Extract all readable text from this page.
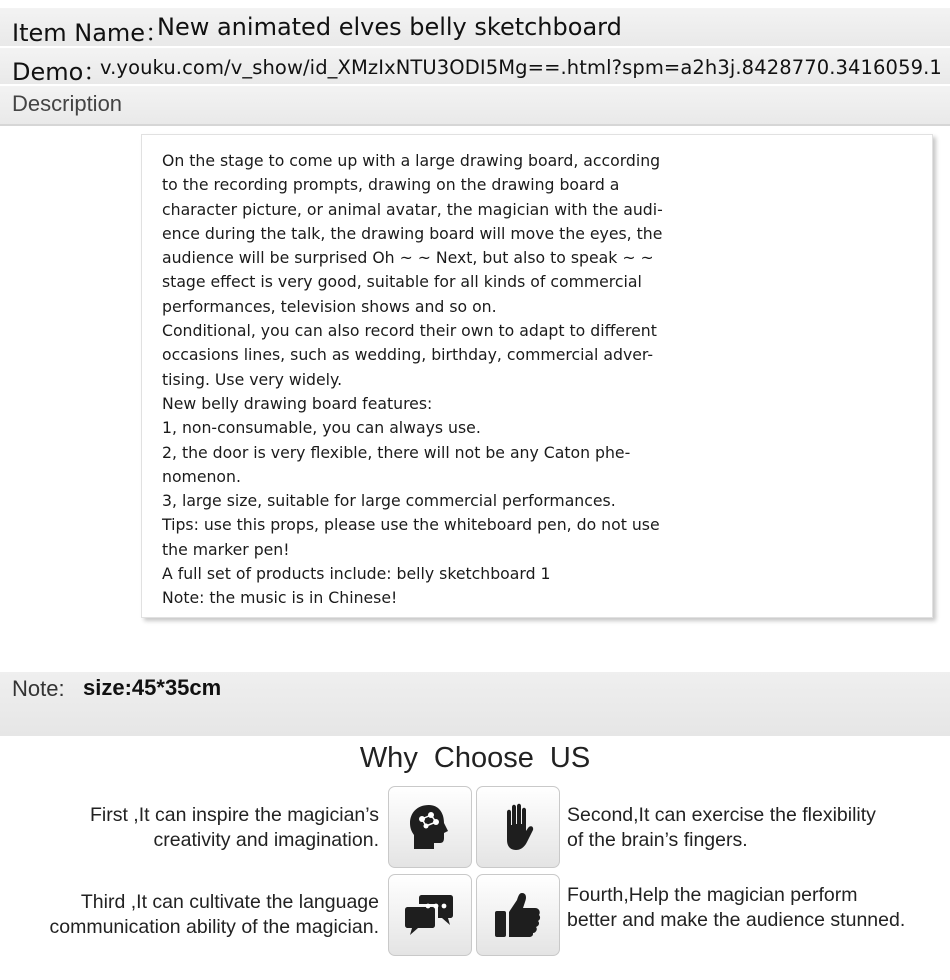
Item Name：
New animated elves belly sketchboard
Demo：
v.youku.com/v_show/id_XMzIxNTU3ODI5Mg==.html?spm=a2h3j.8428770.3416059.1
Description
On the stage to come up with a large drawing board, according
to the recording prompts, drawing on the drawing board a
character picture, or animal avatar, the magician with the audi-
ence during the talk, the drawing board will move the eyes, the
audience will be surprised Oh ~ ~ Next, but also to speak ~ ~
stage effect is very good, suitable for all kinds of commercial
performances, television shows and so on.
Conditional, you can also record their own to adapt to different
occasions lines, such as wedding, birthday, commercial adver-
tising. Use very widely.
New belly drawing board features:
1, non-consumable, you can always use.
2, the door is very flexible, there will not be any Caton phe-
nomenon.
3, large size, suitable for large commercial performances.
Tips: use this props, please use the whiteboard pen, do not use
the marker pen!
A full set of products include: belly sketchboard 1
Note: the music is in Chinese!
Note: size:45*35cm
Why Choose US
First ,It can inspire the magician’s
creativity and imagination.
Second,It can exercise the flexibility
of the brain’s fingers.
Third ,It can cultivate the language
communication ability of the magician.
Fourth,Help the magician perform
better and make the audience stunned.
